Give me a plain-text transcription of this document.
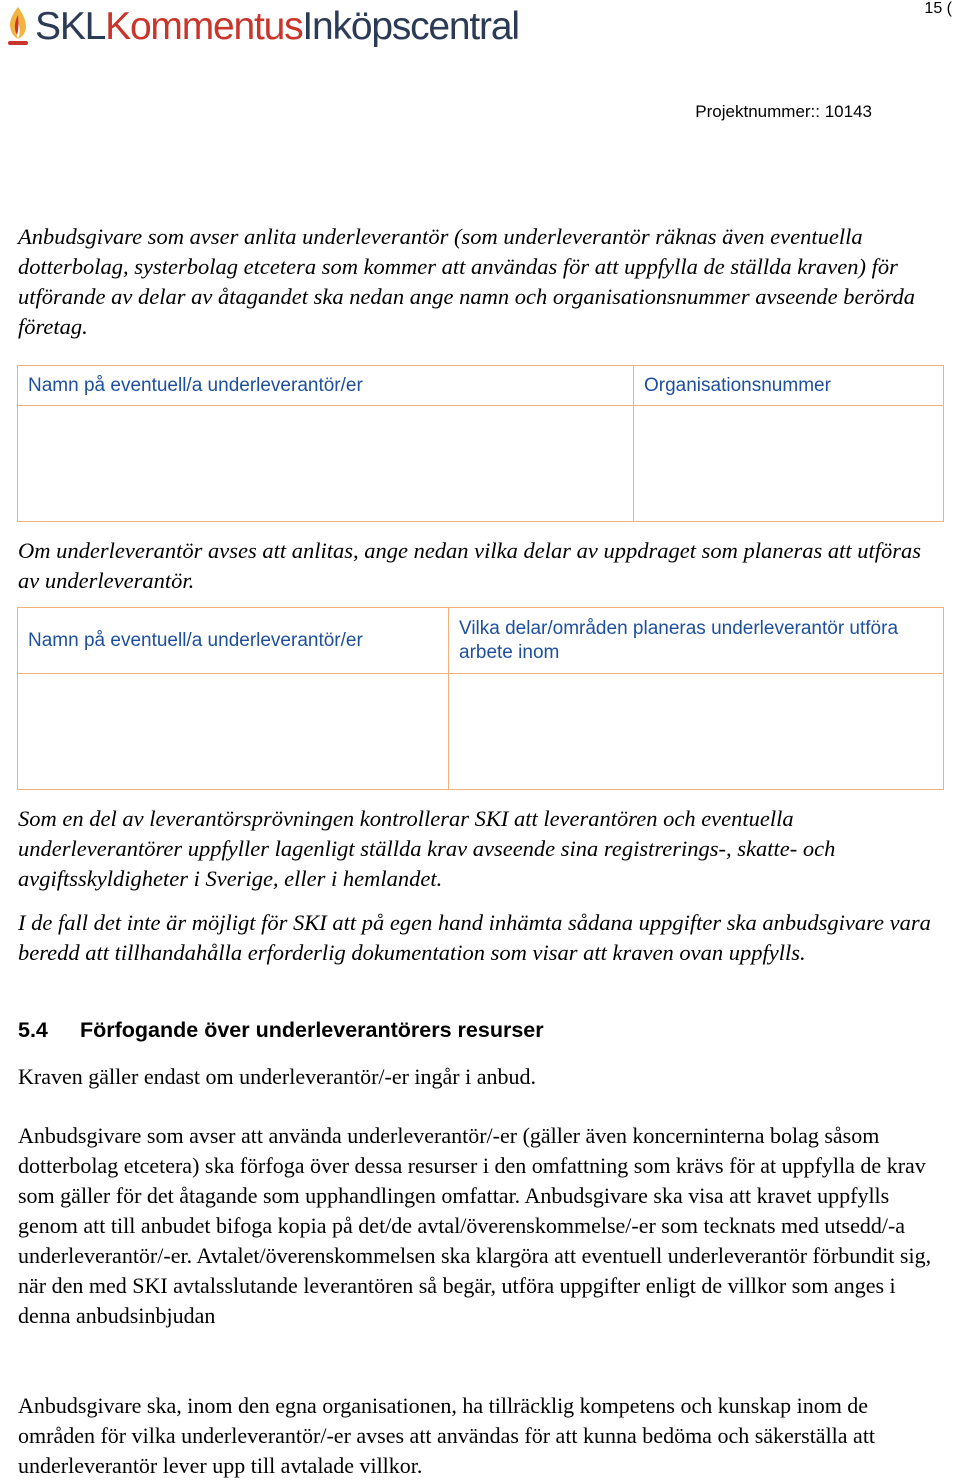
SKLKommentusInköpscentral	15 (
Projektnummer:: 10143

Anbudsgivare som avser anlita underleverantör (som underleverantör räknas även eventuella dotterbolag, systerbolag etcetera som kommer att användas för att uppfylla de ställda kraven) för utförande av delar av åtagandet ska nedan ange namn och organisationsnummer avseende berörda företag.

Namn på eventuell/a underleverantör/er	Organisationsnummer

Om underleverantör avses att anlitas, ange nedan vilka delar av uppdraget som planeras att utföras av underleverantör.

Namn på eventuell/a underleverantör/er	Vilka delar/områden planeras underleverantör utföra arbete inom

Som en del av leverantörsprövningen kontrollerar SKI att leverantören och eventuella underleverantörer uppfyller lagenligt ställda krav avseende sina registrerings-, skatte- och avgiftsskyldigheter i Sverige, eller i hemlandet.

I de fall det inte är möjligt för SKI att på egen hand inhämta sådana uppgifter ska anbudsgivare vara beredd att tillhandahålla erforderlig dokumentation som visar att kraven ovan uppfylls.

5.4 Förfogande över underleverantörers resurser

Kraven gäller endast om underleverantör/-er ingår i anbud.

Anbudsgivare som avser att använda underleverantör/-er (gäller även koncerninterna bolag såsom dotterbolag etcetera) ska förfoga över dessa resurser i den omfattning som krävs för at uppfylla de krav som gäller för det åtagande som upphandlingen omfattar. Anbudsgivare ska visa att kravet uppfylls genom att till anbudet bifoga kopia på det/de avtal/överenskommelse/-er som tecknats med utsedd/-a underleverantör/-er. Avtalet/överenskommelsen ska klargöra att eventuell underleverantör förbundit sig, när den med SKI avtalsslutande leverantören så begär, utföra uppgifter enligt de villkor som anges i denna anbudsinbjudan

Anbudsgivare ska, inom den egna organisationen, ha tillräcklig kompetens och kunskap inom de områden för vilka underleverantör/-er avses att användas för att kunna bedöma och säkerställa att underleverantör lever upp till avtalade villkor.
